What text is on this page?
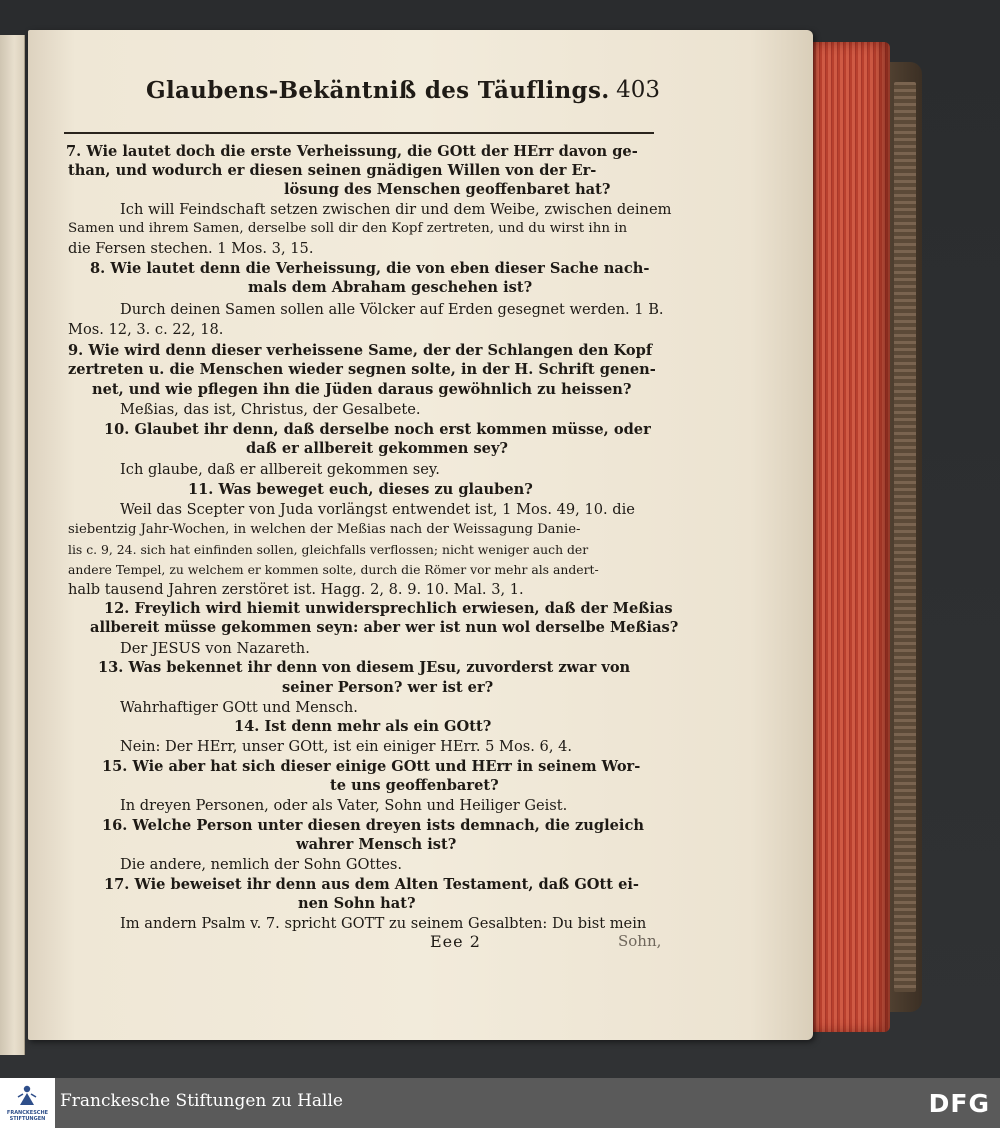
Glaubens-Bekäntniß des Täuflings. 403
7. Wie lautet doch die erste Verheissung, die GOtt der HErr davon ge-
than, und wodurch er diesen seinen gnädigen Willen von der Er-
lösung des Menschen geoffenbaret hat?
Ich will Feindschaft setzen zwischen dir und dem Weibe, zwischen deinem
Samen und ihrem Samen, derselbe soll dir den Kopf zertreten, und du wirst ihn in
die Fersen stechen. 1 Mos. 3, 15.
8. Wie lautet denn die Verheissung, die von eben dieser Sache nach-
mals dem Abraham geschehen ist?
Durch deinen Samen sollen alle Völcker auf Erden gesegnet werden. 1 B.
Mos. 12, 3. c. 22, 18.
9. Wie wird denn dieser verheissene Same, der der Schlangen den Kopf
zertreten u. die Menschen wieder segnen solte, in der H. Schrift genen-
net, und wie pflegen ihn die Jüden daraus gewöhnlich zu heissen?
Meßias, das ist, Christus, der Gesalbete.
10. Glaubet ihr denn, daß derselbe noch erst kommen müsse, oder
daß er allbereit gekommen sey?
Ich glaube, daß er allbereit gekommen sey.
11. Was beweget euch, dieses zu glauben?
Weil das Scepter von Juda vorlängst entwendet ist, 1 Mos. 49, 10. die
siebentzig Jahr-Wochen, in welchen der Meßias nach der Weissagung Danie-
lis c. 9, 24. sich hat einfinden sollen, gleichfalls verflossen; nicht weniger auch der
andere Tempel, zu welchem er kommen solte, durch die Römer vor mehr als andert-
halb tausend Jahren zerstöret ist. Hagg. 2, 8. 9. 10. Mal. 3, 1.
12. Freylich wird hiemit unwidersprechlich erwiesen, daß der Meßias
allbereit müsse gekommen seyn: aber wer ist nun wol derselbe Meßias?
Der JESUS von Nazareth.
13. Was bekennet ihr denn von diesem JEsu, zuvorderst zwar von
seiner Person? wer ist er?
Wahrhaftiger GOtt und Mensch.
14. Ist denn mehr als ein GOtt?
Nein: Der HErr, unser GOtt, ist ein einiger HErr. 5 Mos. 6, 4.
15. Wie aber hat sich dieser einige GOtt und HErr in seinem Wor-
te uns geoffenbaret?
In dreyen Personen, oder als Vater, Sohn und Heiliger Geist.
16. Welche Person unter diesen dreyen ists demnach, die zugleich
wahrer Mensch ist?
Die andere, nemlich der Sohn GOttes.
17. Wie beweiset ihr denn aus dem Alten Testament, daß GOtt ei-
nen Sohn hat?
Im andern Psalm v. 7. spricht GOTT zu seinem Gesalbten: Du bist mein
Eee 2	Sohn,
FRANCKESCHE STIFTUNGEN
Franckesche Stiftungen zu Halle	DFG
